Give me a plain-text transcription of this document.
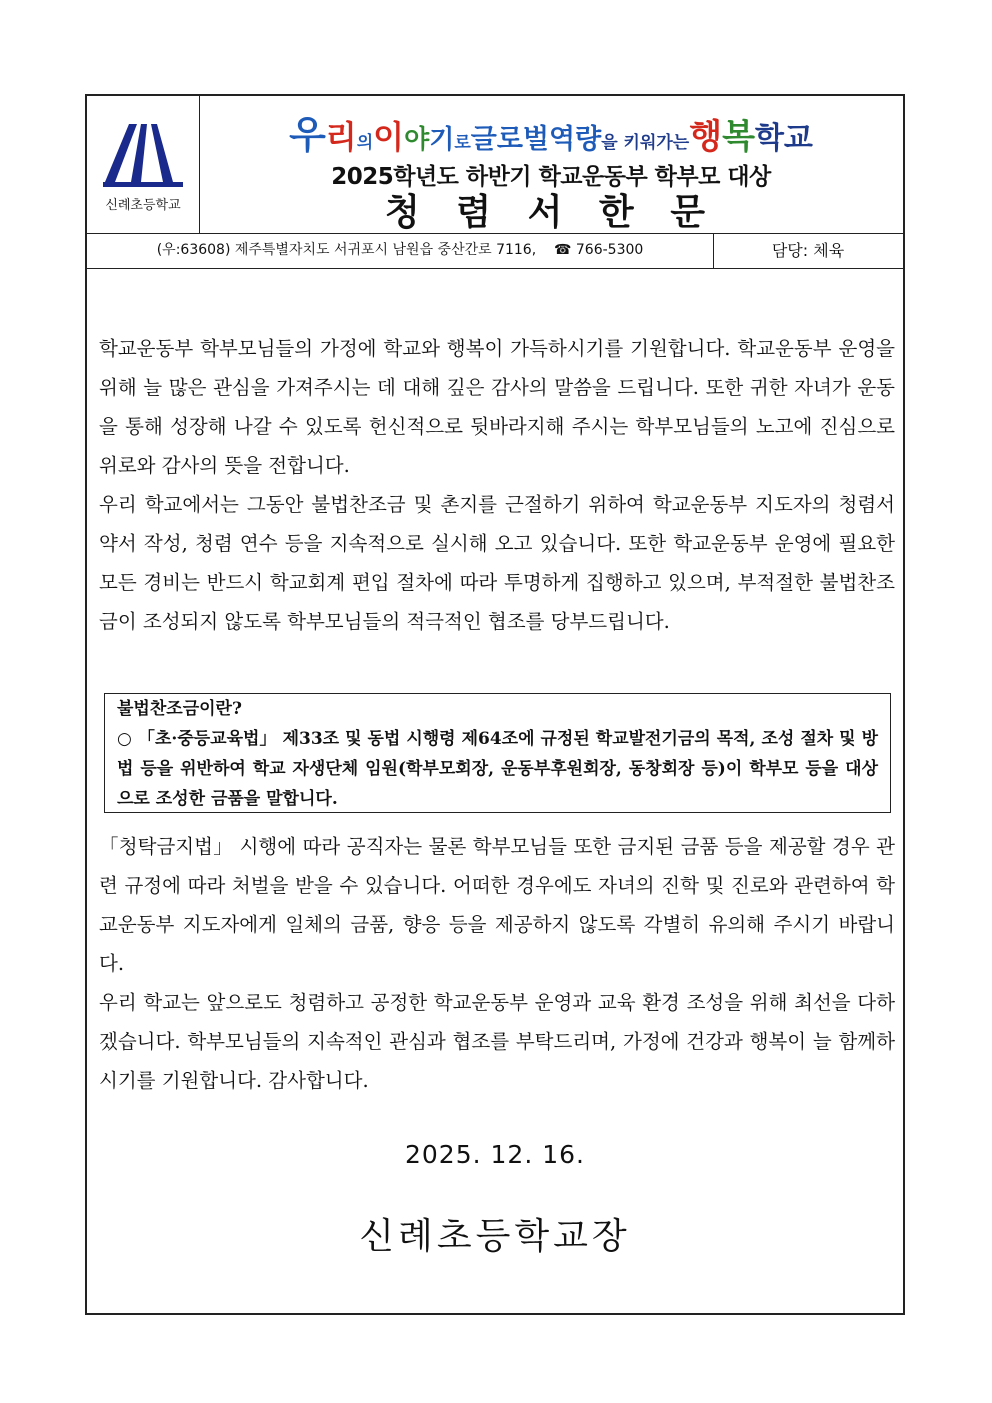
신례초등학교
우리의이야기로글로벌역량을 키워가는행복학교
2025학년도 하반기 학교운동부 학부모 대상
청 렴 서 한 문
(우:63608) 제주특별자치도 서귀포시 남원읍 중산간로 7116, ☎ 766-5300	담당: 체육
학교운동부 학부모님들의 가정에 학교와 행복이 가득하시기를 기원합니다. 학교운동부 운영을 위해 늘 많은 관심을 가져주시는 데 대해 깊은 감사의 말씀을 드립니다. 또한 귀한 자녀가 운동을 통해 성장해 나갈 수 있도록 헌신적으로 뒷바라지해 주시는 학부모님들의 노고에 진심으로 위로와 감사의 뜻을 전합니다.
우리 학교에서는 그동안 불법찬조금 및 촌지를 근절하기 위하여 학교운동부 지도자의 청렴서약서 작성, 청렴 연수 등을 지속적으로 실시해 오고 있습니다. 또한 학교운동부 운영에 필요한 모든 경비는 반드시 학교회계 편입 절차에 따라 투명하게 집행하고 있으며, 부적절한 불법찬조금이 조성되지 않도록 학부모님들의 적극적인 협조를 당부드립니다.
불법찬조금이란?
○ 「초·중등교육법」 제33조 및 동법 시행령 제64조에 규정된 학교발전기금의 목적, 조성 절차 및 방법 등을 위반하여 학교 자생단체 임원(학부모회장, 운동부후원회장, 동창회장 등)이 학부모 등을 대상으로 조성한 금품을 말합니다.
「청탁금지법」 시행에 따라 공직자는 물론 학부모님들 또한 금지된 금품 등을 제공할 경우 관련 규정에 따라 처벌을 받을 수 있습니다. 어떠한 경우에도 자녀의 진학 및 진로와 관련하여 학교운동부 지도자에게 일체의 금품, 향응 등을 제공하지 않도록 각별히 유의해 주시기 바랍니다.
우리 학교는 앞으로도 청렴하고 공정한 학교운동부 운영과 교육 환경 조성을 위해 최선을 다하겠습니다. 학부모님들의 지속적인 관심과 협조를 부탁드리며, 가정에 건강과 행복이 늘 함께하시기를 기원합니다. 감사합니다.
2025. 12. 16.
신례초등학교장
